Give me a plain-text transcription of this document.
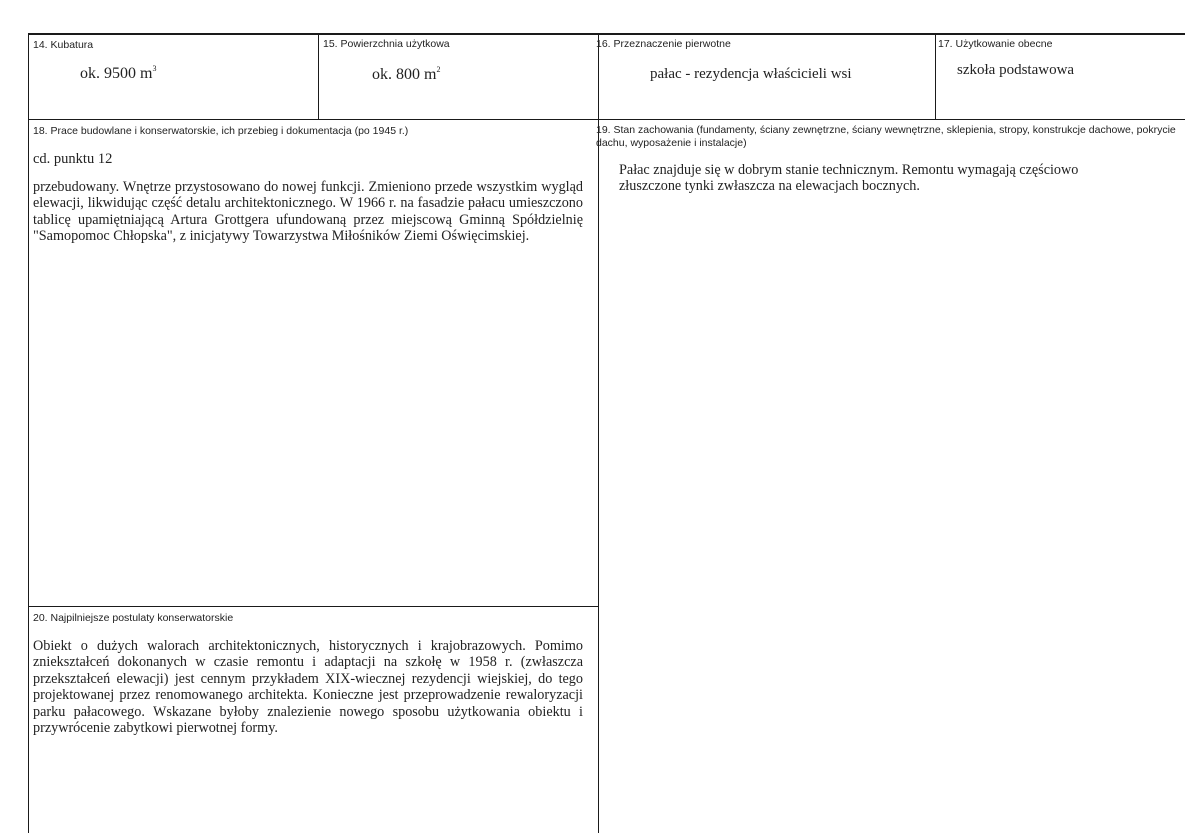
14. Kubatura
ok. 9500 $m^3$
15. Powierzchnia użytkowa
ok. 800 $m^2$
16. Przeznaczenie pierwotne
pałac - rezydencja właścicieli wsi
17. Użytkowanie obecne
szkoła podstawowa
18. Prace budowlane i konserwatorskie, ich przebieg i dokumentacja (po 1945 r.)
cd. punktu 12
przebudowany. Wnętrze przystosowano do nowej funkcji. Zmieniono przede wszystkim wygląd elewacji, likwidując część detalu architektonicznego. W 1966 r. na fasadzie pałacu umieszczono tablicę upamiętniającą Artura Grottgera ufundowaną przez miejscową Gminną Spółdzielnię "Samopomoc Chłopska", z inicjatywy Towarzystwa Miłośników Ziemi Oświęcimskiej.
19. Stan zachowania (fundamenty, ściany zewnętrzne, ściany wewnętrzne, sklepienia, stropy, konstrukcje dachowe, pokrycie dachu, wyposażenie i instalacje)
Pałac znajduje się w dobrym stanie technicznym. Remontu wymagają częściowo złuszczone tynki zwłaszcza na elewacjach bocznych.
20. Najpilniejsze postulaty konserwatorskie
Obiekt o dużych walorach architektonicznych, historycznych i krajobrazowych. Pomimo zniekształceń dokonanych w czasie remontu i adaptacji na szkołę w 1958 r. (zwłaszcza przekształceń elewacji) jest cennym przykładem XIX-wiecznej rezydencji wiejskiej, do tego projektowanej przez renomowanego architekta. Konieczne jest przeprowadzenie rewaloryzacji parku pałacowego. Wskazane byłoby znalezienie nowego sposobu użytkowania obiektu i przywrócenie zabytkowi pierwotnej formy.
